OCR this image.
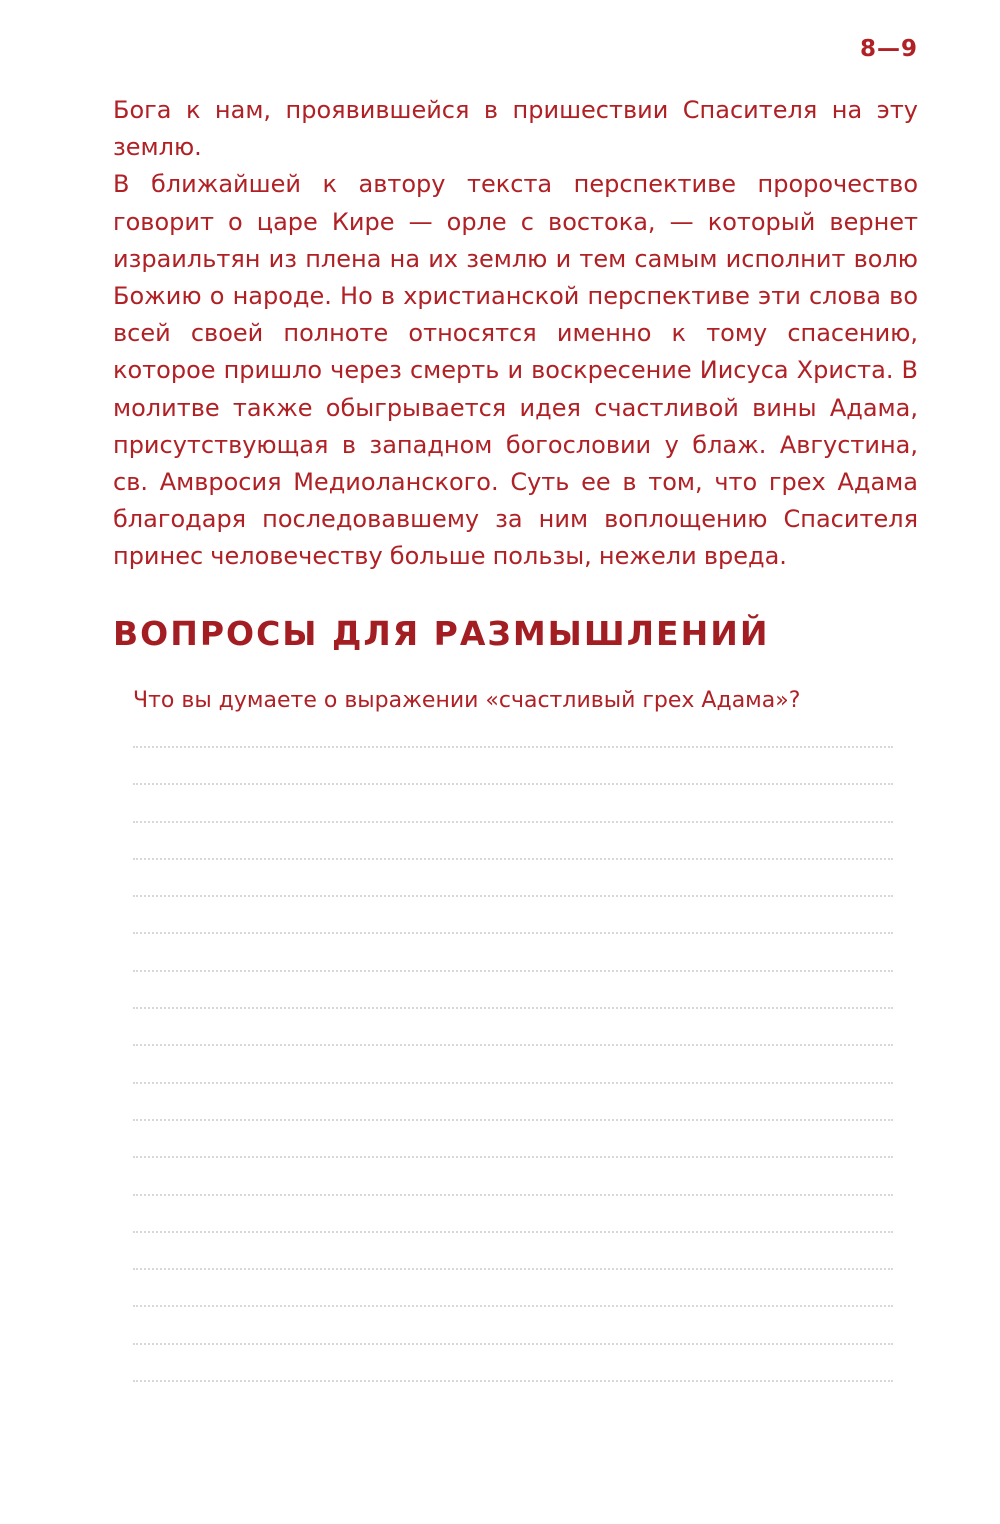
8—9

Бога к нам, проявившейся в пришествии Спасителя на эту землю.

В ближайшей к автору текста перспективе пророчество говорит о царе Кире — орле с востока, — который вернет израильтян из плена на их землю и тем самым исполнит волю Божию о народе. Но в христианской перспективе эти слова во всей своей полноте относятся именно к тому спасению, которое пришло через смерть и воскресение Иисуса Христа. В молитве также обыгрывается идея счастливой вины Адама, присутствующая в западном богословии у блаж. Августина, св. Амвросия Медиоланского. Суть ее в том, что грех Адама благодаря последовавшему за ним воплощению Спасителя принес человечеству больше пользы, нежели вреда.

ВОПРОСЫ ДЛЯ РАЗМЫШЛЕНИЙ

Что вы думаете о выражении «счастливый грех Адама»?
